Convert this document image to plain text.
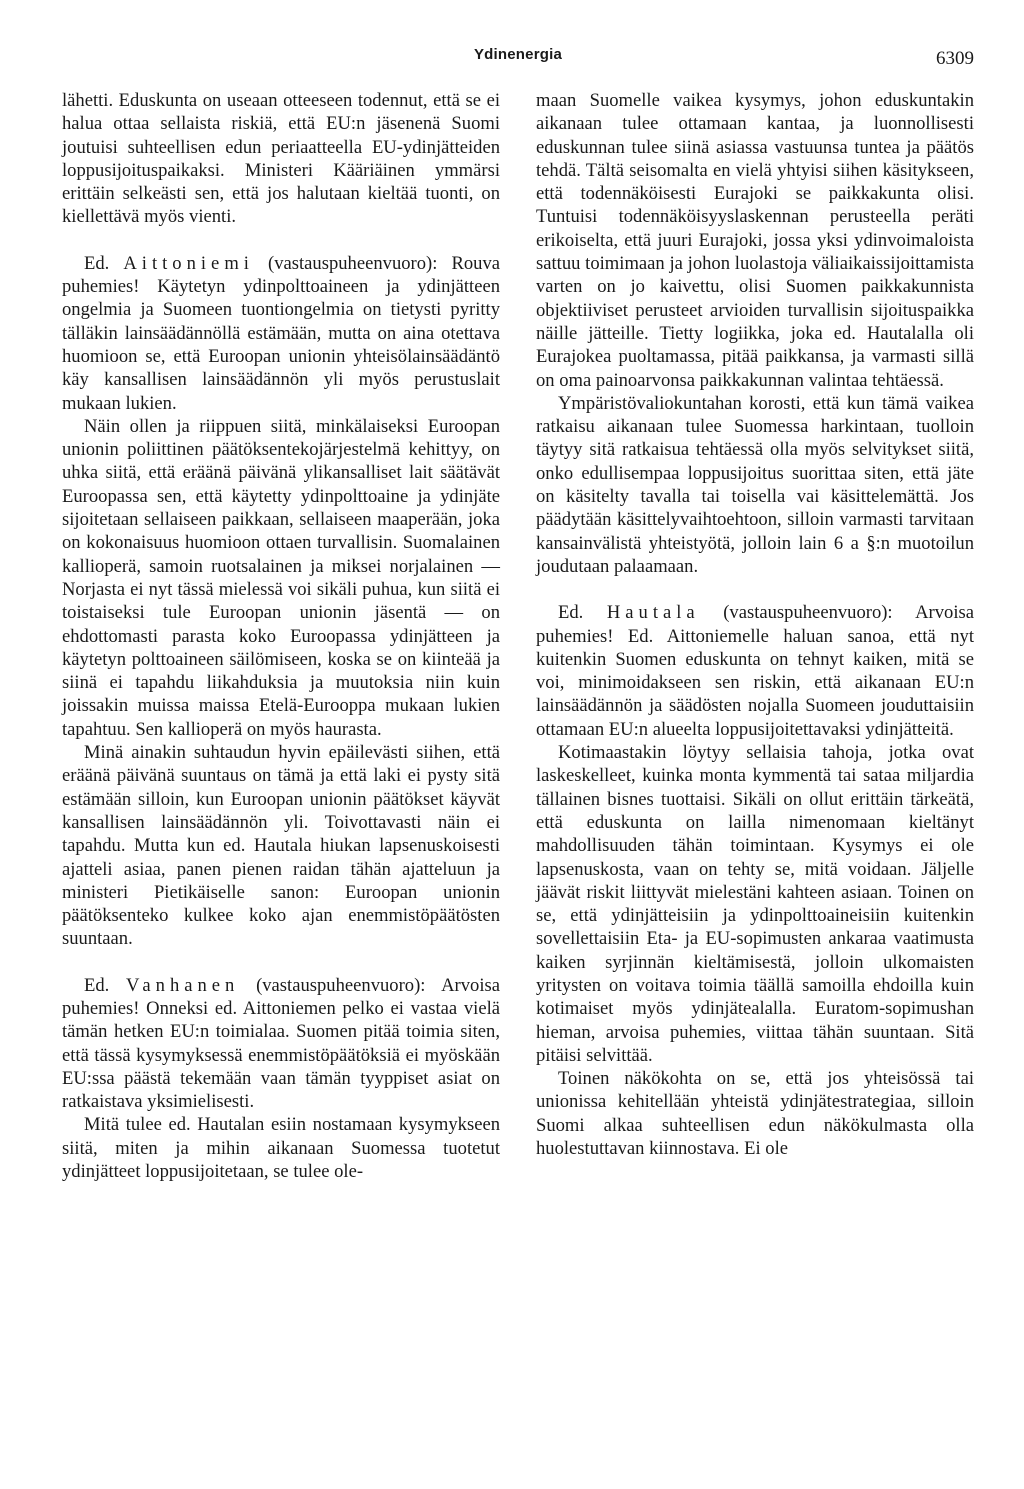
Ydinenergia	6309

lähetti. Eduskunta on useaan otteeseen todennut, että se ei halua ottaa sellaista riskiä, että EU:n jäsenenä Suomi joutuisi suhteellisen edun periaatteella EU-ydinjätteiden loppusijoituspaikaksi. Ministeri Kääriäinen ymmärsi erittäin selkeästi sen, että jos halutaan kieltää tuonti, on kiellettävä myös vienti.

Ed. Aittoniemi (vastauspuheenvuoro): Rouva puhemies! Käytetyn ydinpolttoaineen ja ydinjätteen ongelmia ja Suomeen tuontiongelmia on tietysti pyritty tälläkin lainsäädännöllä estämään, mutta on aina otettava huomioon se, että Euroopan unionin yhteisölainsäädäntö käy kansallisen lainsäädännön yli myös perustuslait mukaan lukien.

Näin ollen ja riippuen siitä, minkälaiseksi Euroopan unionin poliittinen päätöksentekojärjestelmä kehittyy, on uhka siitä, että eräänä päivänä ylikansalliset lait säätävät Euroopassa sen, että käytetty ydinpolttoaine ja ydinjäte sijoitetaan sellaiseen paikkaan, sellaiseen maaperään, joka on kokonaisuus huomioon ottaen turvallisin. Suomalainen kallioperä, samoin ruotsalainen ja miksei norjalainen — Norjasta ei nyt tässä mielessä voi sikäli puhua, kun siitä ei toistaiseksi tule Euroopan unionin jäsentä — on ehdottomasti parasta koko Euroopassa ydinjätteen ja käytetyn polttoaineen säilömiseen, koska se on kiinteää ja siinä ei tapahdu liikahduksia ja muutoksia niin kuin joissakin muissa maissa Etelä-Eurooppa mukaan lukien tapahtuu. Sen kallioperä on myös haurasta.

Minä ainakin suhtaudun hyvin epäilevästi siihen, että eräänä päivänä suuntaus on tämä ja että laki ei pysty sitä estämään silloin, kun Euroopan unionin päätökset käyvät kansallisen lainsäädännön yli. Toivottavasti näin ei tapahdu. Mutta kun ed. Hautala hiukan lapsenuskoisesti ajatteli asiaa, panen pienen raidan tähän ajatteluun ja ministeri Pietikäiselle sanon: Euroopan unionin päätöksenteko kulkee koko ajan enemmistöpäätösten suuntaan.

Ed. Vanhanen (vastauspuheenvuoro): Arvoisa puhemies! Onneksi ed. Aittoniemen pelko ei vastaa vielä tämän hetken EU:n toimialaa. Suomen pitää toimia siten, että tässä kysymyksessä enemmistöpäätöksiä ei myöskään EU:ssa päästä tekemään vaan tämän tyyppiset asiat on ratkaistava yksimielisesti.

Mitä tulee ed. Hautalan esiin nostamaan kysymykseen siitä, miten ja mihin aikanaan Suomessa tuotetut ydinjätteet loppusijoitetaan, se tulee ole-

maan Suomelle vaikea kysymys, johon eduskuntakin aikanaan tulee ottamaan kantaa, ja luonnollisesti eduskunnan tulee siinä asiassa vastuunsa tuntea ja päätös tehdä. Tältä seisomalta en vielä yhtyisi siihen käsitykseen, että todennäköisesti Eurajoki se paikkakunta olisi. Tuntuisi todennäköisyyslaskennan perusteella peräti erikoiselta, että juuri Eurajoki, jossa yksi ydinvoimaloista sattuu toimimaan ja johon luolastoja väliaikaissijoittamista varten on jo kaivettu, olisi Suomen paikkakunnista objektiiviset perusteet arvioiden turvallisin sijoituspaikka näille jätteille. Tietty logiikka, joka ed. Hautalalla oli Eurajokea puoltamassa, pitää paikkansa, ja varmasti sillä on oma painoarvonsa paikkakunnan valintaa tehtäessä.

Ympäristövaliokuntahan korosti, että kun tämä vaikea ratkaisu aikanaan tulee Suomessa harkintaan, tuolloin täytyy sitä ratkaisua tehtäessä olla myös selvitykset siitä, onko edullisempaa loppusijoitus suorittaa siten, että jäte on käsitelty tavalla tai toisella vai käsittelemättä. Jos päädytään käsittelyvaihtoehtoon, silloin varmasti tarvitaan kansainvälistä yhteistyötä, jolloin lain 6 a §:n muotoilun joudutaan palaamaan.

Ed. Hautala (vastauspuheenvuoro): Arvoisa puhemies! Ed. Aittoniemelle haluan sanoa, että nyt kuitenkin Suomen eduskunta on tehnyt kaiken, mitä se voi, minimoidakseen sen riskin, että aikanaan EU:n lainsäädännön ja säädösten nojalla Suomeen jouduttaisiin ottamaan EU:n alueelta loppusijoitettavaksi ydinjätteitä.

Kotimaastakin löytyy sellaisia tahoja, jotka ovat laskeskelleet, kuinka monta kymmentä tai sataa miljardia tällainen bisnes tuottaisi. Sikäli on ollut erittäin tärkeätä, että eduskunta on lailla nimenomaan kieltänyt mahdollisuuden tähän toimintaan. Kysymys ei ole lapsenuskosta, vaan on tehty se, mitä voidaan. Jäljelle jäävät riskit liittyvät mielestäni kahteen asiaan. Toinen on se, että ydinjätteisiin ja ydinpolttoaineisiin kuitenkin sovellettaisiin Eta- ja EU-sopimusten ankaraa vaatimusta kaiken syrjinnän kieltämisestä, jolloin ulkomaisten yritysten on voitava toimia täällä samoilla ehdoilla kuin kotimaiset myös ydinjätealalla. Euratom-sopimushan hieman, arvoisa puhemies, viittaa tähän suuntaan. Sitä pitäisi selvittää.

Toinen näkökohta on se, että jos yhteisössä tai unionissa kehitellään yhteistä ydinjätestrategiaa, silloin Suomi alkaa suhteellisen edun näkökulmasta olla huolestuttavan kiinnostava. Ei ole
